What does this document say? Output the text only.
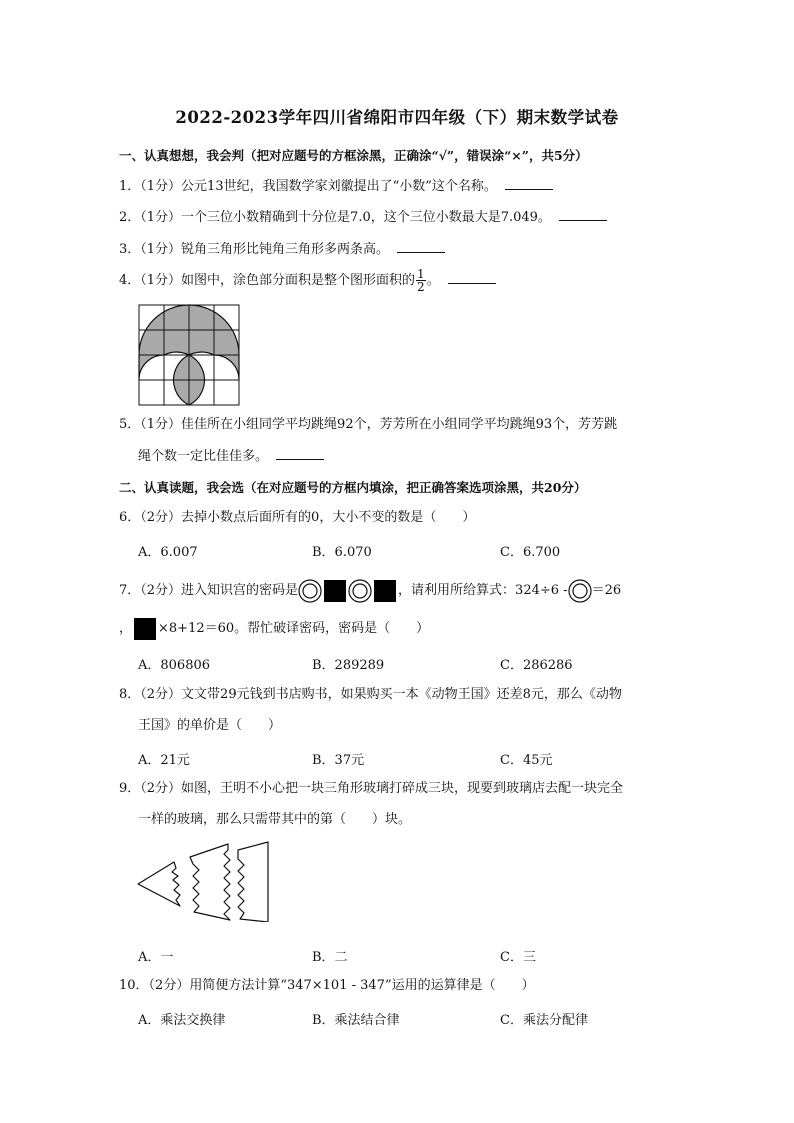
2022-2023学年四川省绵阳市四年级（下）期末数学试卷
一、认真想想，我会判（把对应题号的方框涂黑，正确涂“√”，错误涂“×”，共5分）
1．（1分）公元13世纪，我国数学家刘徽提出了“小数”这个名称。
2．（1分）一个三位小数精确到十分位是7.0，这个三位小数最大是7.049。
3．（1分）锐角三角形比钝角三角形多两条高。
4．（1分）如图中，涂色部分面积是整个图形面积的 $\frac{1}{2}$ 。
5．（1分）佳佳所在小组同学平均跳绳92个，芳芳所在小组同学平均跳绳93个，芳芳跳
绳个数一定比佳佳多。
二、认真读题，我会选（在对应题号的方框内填涂，把正确答案选项涂黑，共20分）
6．（2分）去掉小数点后面所有的0，大小不变的数是（　　）
A．6.007	B．6.070	C．6.700
7．（2分）进入知识宫的密码是	，请利用所给算式：324÷6 - ＝26
， ×8+12＝60。帮忙破译密码，密码是（　　）
A．806806	B．289289	C．286286
8．（2分）文文带29元钱到书店购书，如果购买一本《动物王国》还差8元，那么《动物
王国》的单价是（　　）
A．21元	B．37元	C．45元
9．（2分）如图，王明不小心把一块三角形玻璃打碎成三块，现要到玻璃店去配一块完全
一样的玻璃，那么只需带其中的第（　　）块。
A．一	B．二	C．三
10．（2分）用简便方法计算“347×101 - 347”运用的运算律是（　　）
A．乘法交换律	B．乘法结合律	C．乘法分配律
